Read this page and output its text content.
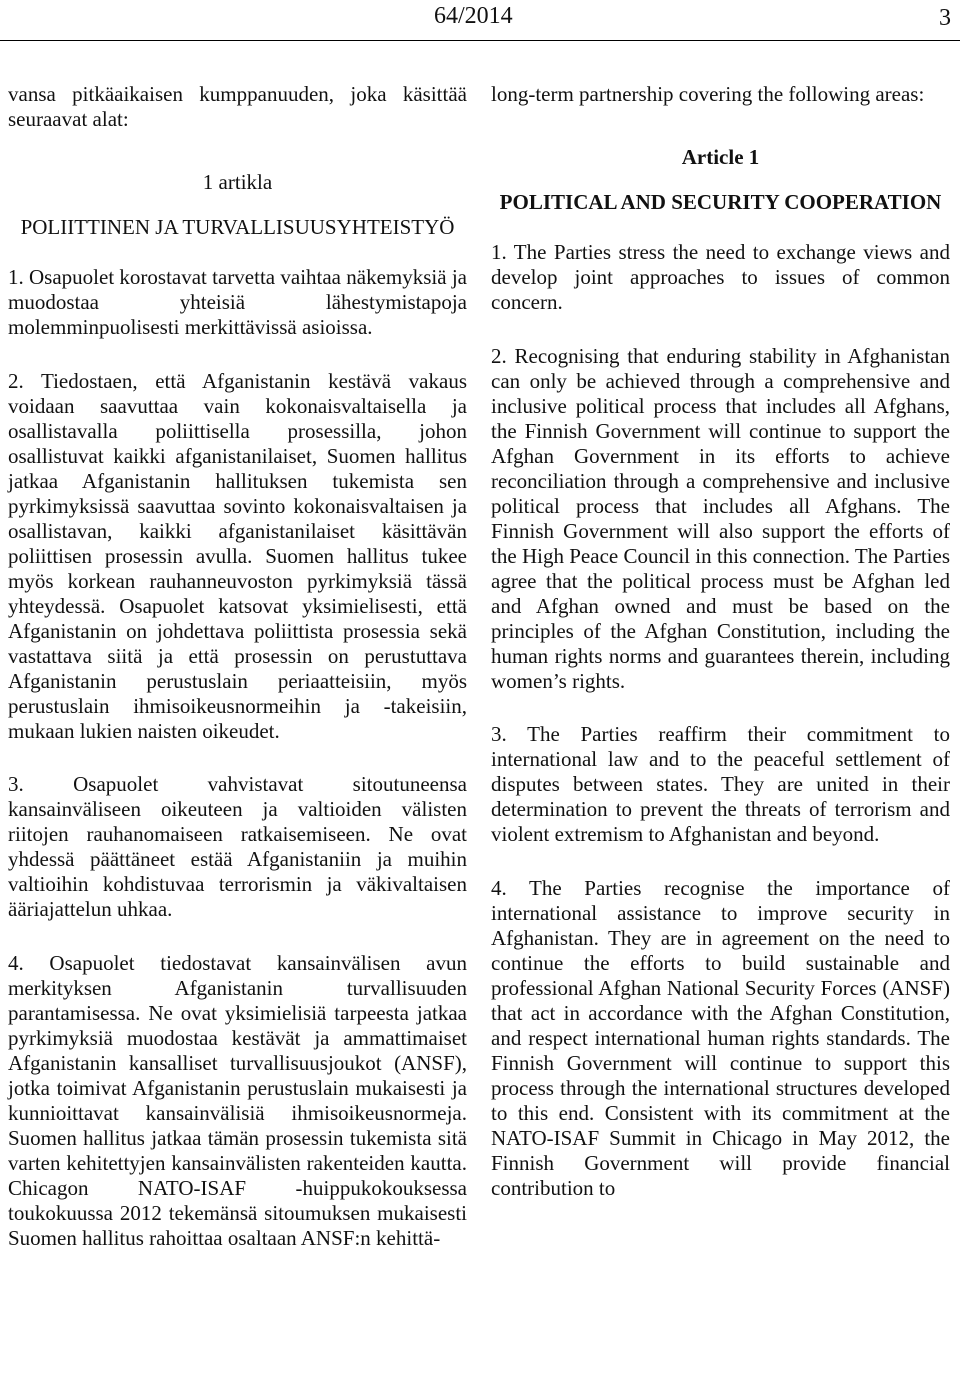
64/2014	3

vansa pitkäaikaisen kumppanuuden, joka käsittää seuraavat alat:

1 artikla
POLIITTINEN JA TURVALLISUUSYHTEISTYÖ

1. Osapuolet korostavat tarvetta vaihtaa näkemyksiä ja muodostaa yhteisiä lähestymistapoja molemminpuolisesti merkittävissä asioissa.

2. Tiedostaen, että Afganistanin kestävä vakaus voidaan saavuttaa vain kokonaisvaltaisella ja osallistavalla poliittisella prosessilla, johon osallistuvat kaikki afganistanilaiset, Suomen hallitus jatkaa Afganistanin hallituksen tukemista sen pyrkimyksissä saavuttaa sovinto kokonaisvaltaisen ja osallistavan, kaikki afganistanilaiset käsittävän poliittisen prosessin avulla. Suomen hallitus tukee myös korkean rauhanneuvoston pyrkimyksiä tässä yhteydessä. Osapuolet katsovat yksimielisesti, että Afganistanin on johdettava poliittista prosessia sekä vastattava siitä ja että prosessin on perustuttava Afganistanin perustuslain periaatteisiin, myös perustuslain ihmisoikeusnormeihin ja -takeisiin, mukaan lukien naisten oikeudet.

3. Osapuolet vahvistavat sitoutuneensa kansainväliseen oikeuteen ja valtioiden välisten riitojen rauhanomaiseen ratkaisemiseen. Ne ovat yhdessä päättäneet estää Afganistaniin ja muihin valtioihin kohdistuvaa terrorismin ja väkivaltaisen ääriajattelun uhkaa.

4. Osapuolet tiedostavat kansainvälisen avun merkityksen Afganistanin turvallisuuden parantamisessa. Ne ovat yksimielisiä tarpeesta jatkaa pyrkimyksiä muodostaa kestävät ja ammattimaiset Afganistanin kansalliset turvallisuusjoukot (ANSF), jotka toimivat Afganistanin perustuslain mukaisesti ja kunnioittavat kansainvälisiä ihmisoikeusnormeja. Suomen hallitus jatkaa tämän prosessin tukemista sitä varten kehitettyjen kansainvälisten rakenteiden kautta. Chicagon NATO-ISAF -huippukokouksessa toukokuussa 2012 tekemänsä sitoumuksen mukaisesti Suomen hallitus rahoittaa osaltaan ANSF:n kehittä-

long-term partnership covering the following areas:

Article 1
POLITICAL AND SECURITY COOPERATION

1. The Parties stress the need to exchange views and develop joint approaches to issues of common concern.

2. Recognising that enduring stability in Afghanistan can only be achieved through a comprehensive and inclusive political process that includes all Afghans, the Finnish Government will continue to support the Afghan Government in its efforts to achieve reconciliation through a comprehensive and inclusive political process that includes all Afghans. The Finnish Government will also support the efforts of the High Peace Council in this connection. The Parties agree that the political process must be Afghan led and Afghan owned and must be based on the principles of the Afghan Constitution, including the human rights norms and guarantees therein, including women’s rights.

3. The Parties reaffirm their commitment to international law and to the peaceful settlement of disputes between states. They are united in their determination to prevent the threats of terrorism and violent extremism to Afghanistan and beyond.

4. The Parties recognise the importance of international assistance to improve security in Afghanistan. They are in agreement on the need to continue the efforts to build sustainable and professional Afghan National Security Forces (ANSF) that act in accordance with the Afghan Constitution, and respect international human rights standards. The Finnish Government will continue to support this process through the international structures developed to this end. Consistent with its commitment at the NATO-ISAF Summit in Chicago in May 2012, the Finnish Government will provide financial contribution to
